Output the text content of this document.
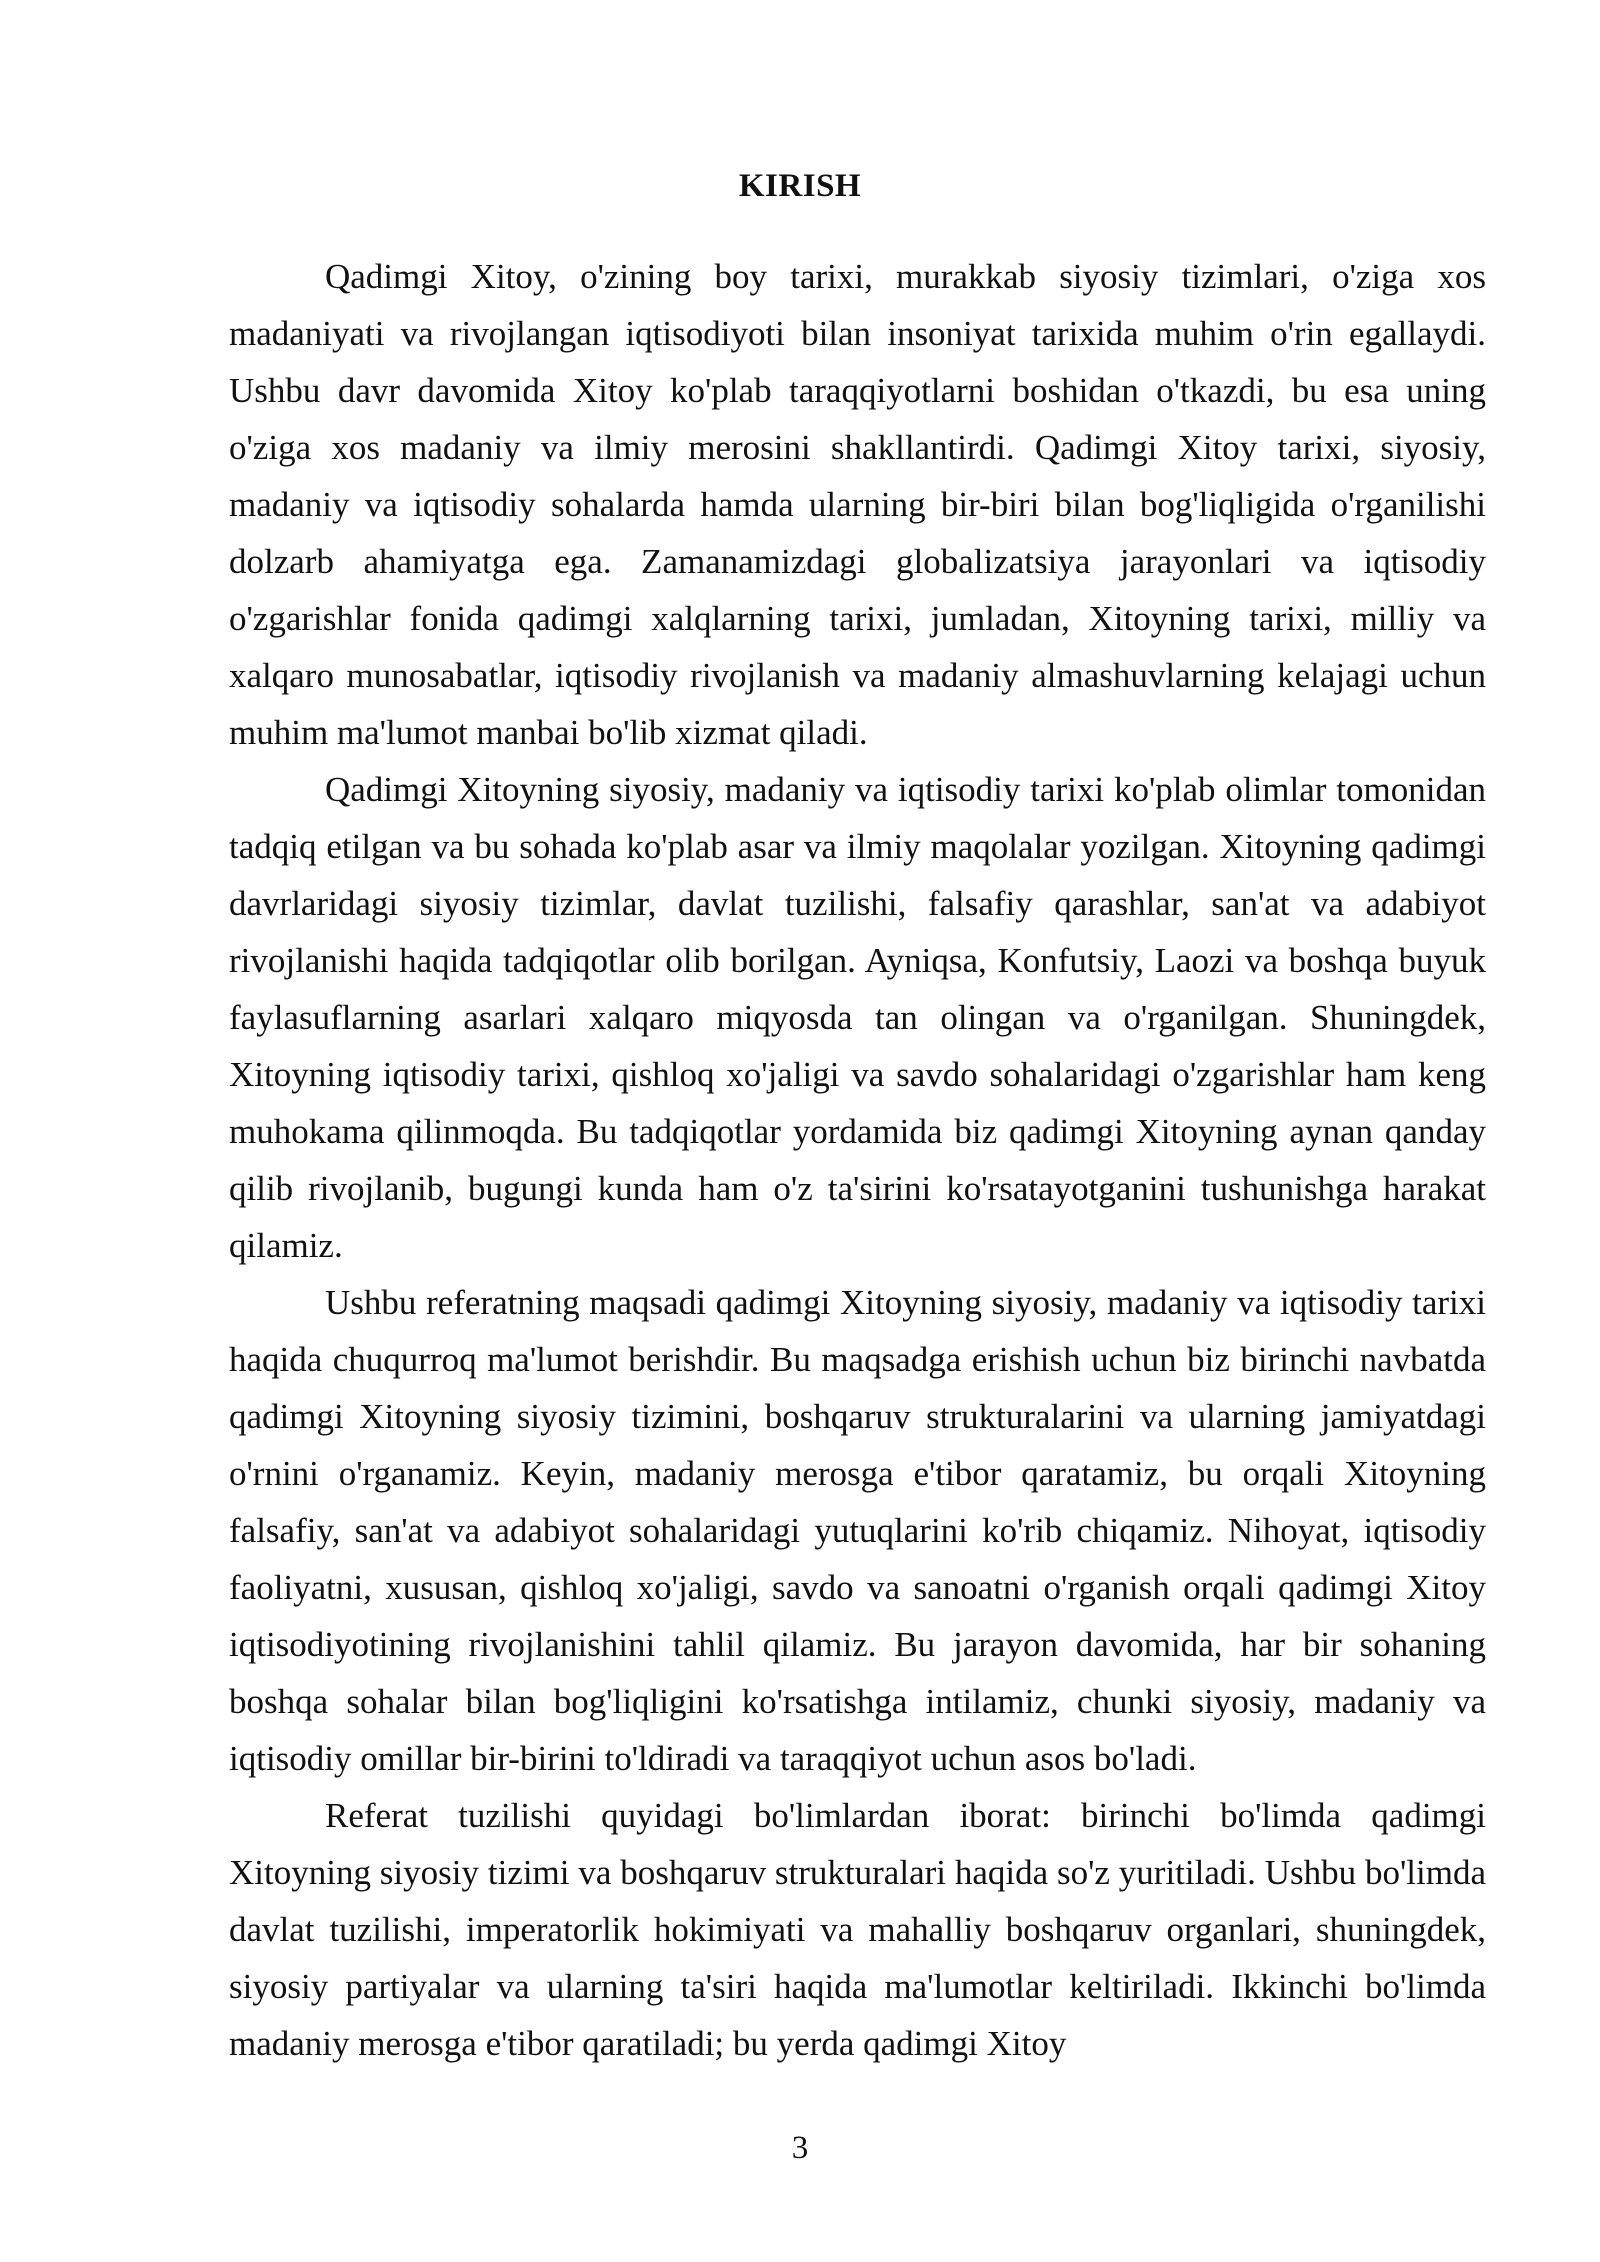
KIRISH

Qadimgi Xitoy, o'zining boy tarixi, murakkab siyosiy tizimlari, o'ziga xos madaniyati va rivojlangan iqtisodiyoti bilan insoniyat tarixida muhim o'rin egallaydi. Ushbu davr davomida Xitoy ko'plab taraqqiyotlarni boshidan o'tkazdi, bu esa uning o'ziga xos madaniy va ilmiy merosini shakllantirdi. Qadimgi Xitoy tarixi, siyosiy, madaniy va iqtisodiy sohalarda hamda ularning bir-biri bilan bog'liqligida o'rganilishi dolzarb ahamiyatga ega. Zamanamizdagi globalizatsiya jarayonlari va iqtisodiy o'zgarishlar fonida qadimgi xalqlarning tarixi, jumladan, Xitoyning tarixi, milliy va xalqaro munosabatlar, iqtisodiy rivojlanish va madaniy almashuvlarning kelajagi uchun muhim ma'lumot manbai bo'lib xizmat qiladi.

Qadimgi Xitoyning siyosiy, madaniy va iqtisodiy tarixi ko'plab olimlar tomonidan tadqiq etilgan va bu sohada ko'plab asar va ilmiy maqolalar yozilgan. Xitoyning qadimgi davrlaridagi siyosiy tizimlar, davlat tuzilishi, falsafiy qarashlar, san'at va adabiyot rivojlanishi haqida tadqiqotlar olib borilgan. Ayniqsa, Konfutsiy, Laozi va boshqa buyuk faylasuflarning asarlari xalqaro miqyosda tan olingan va o'rganilgan. Shuningdek, Xitoyning iqtisodiy tarixi, qishloq xo'jaligi va savdo sohalaridagi o'zgarishlar ham keng muhokama qilinmoqda. Bu tadqiqotlar yordamida biz qadimgi Xitoyning aynan qanday qilib rivojlanib, bugungi kunda ham o'z ta'sirini ko'rsatayotganini tushunishga harakat qilamiz.

Ushbu referatning maqsadi qadimgi Xitoyning siyosiy, madaniy va iqtisodiy tarixi haqida chuqurroq ma'lumot berishdir. Bu maqsadga erishish uchun biz birinchi navbatda qadimgi Xitoyning siyosiy tizimini, boshqaruv strukturalarini va ularning jamiyatdagi o'rnini o'rganamiz. Keyin, madaniy merosga e'tibor qaratamiz, bu orqali Xitoyning falsafiy, san'at va adabiyot sohalaridagi yutuqlarini ko'rib chiqamiz. Nihoyat, iqtisodiy faoliyatni, xususan, qishloq xo'jaligi, savdo va sanoatni o'rganish orqali qadimgi Xitoy iqtisodiyotining rivojlanishini tahlil qilamiz. Bu jarayon davomida, har bir sohaning boshqa sohalar bilan bog'liqligini ko'rsatishga intilamiz, chunki siyosiy, madaniy va iqtisodiy omillar bir-birini to'ldiradi va taraqqiyot uchun asos bo'ladi.

Referat tuzilishi quyidagi bo'limlardan iborat: birinchi bo'limda qadimgi Xitoyning siyosiy tizimi va boshqaruv strukturalari haqida so'z yuritiladi. Ushbu bo'limda davlat tuzilishi, imperatorlik hokimiyati va mahalliy boshqaruv organlari, shuningdek, siyosiy partiyalar va ularning ta'siri haqida ma'lumotlar keltiriladi. Ikkinchi bo'limda madaniy merosga e'tibor qaratiladi; bu yerda qadimgi Xitoy

3
